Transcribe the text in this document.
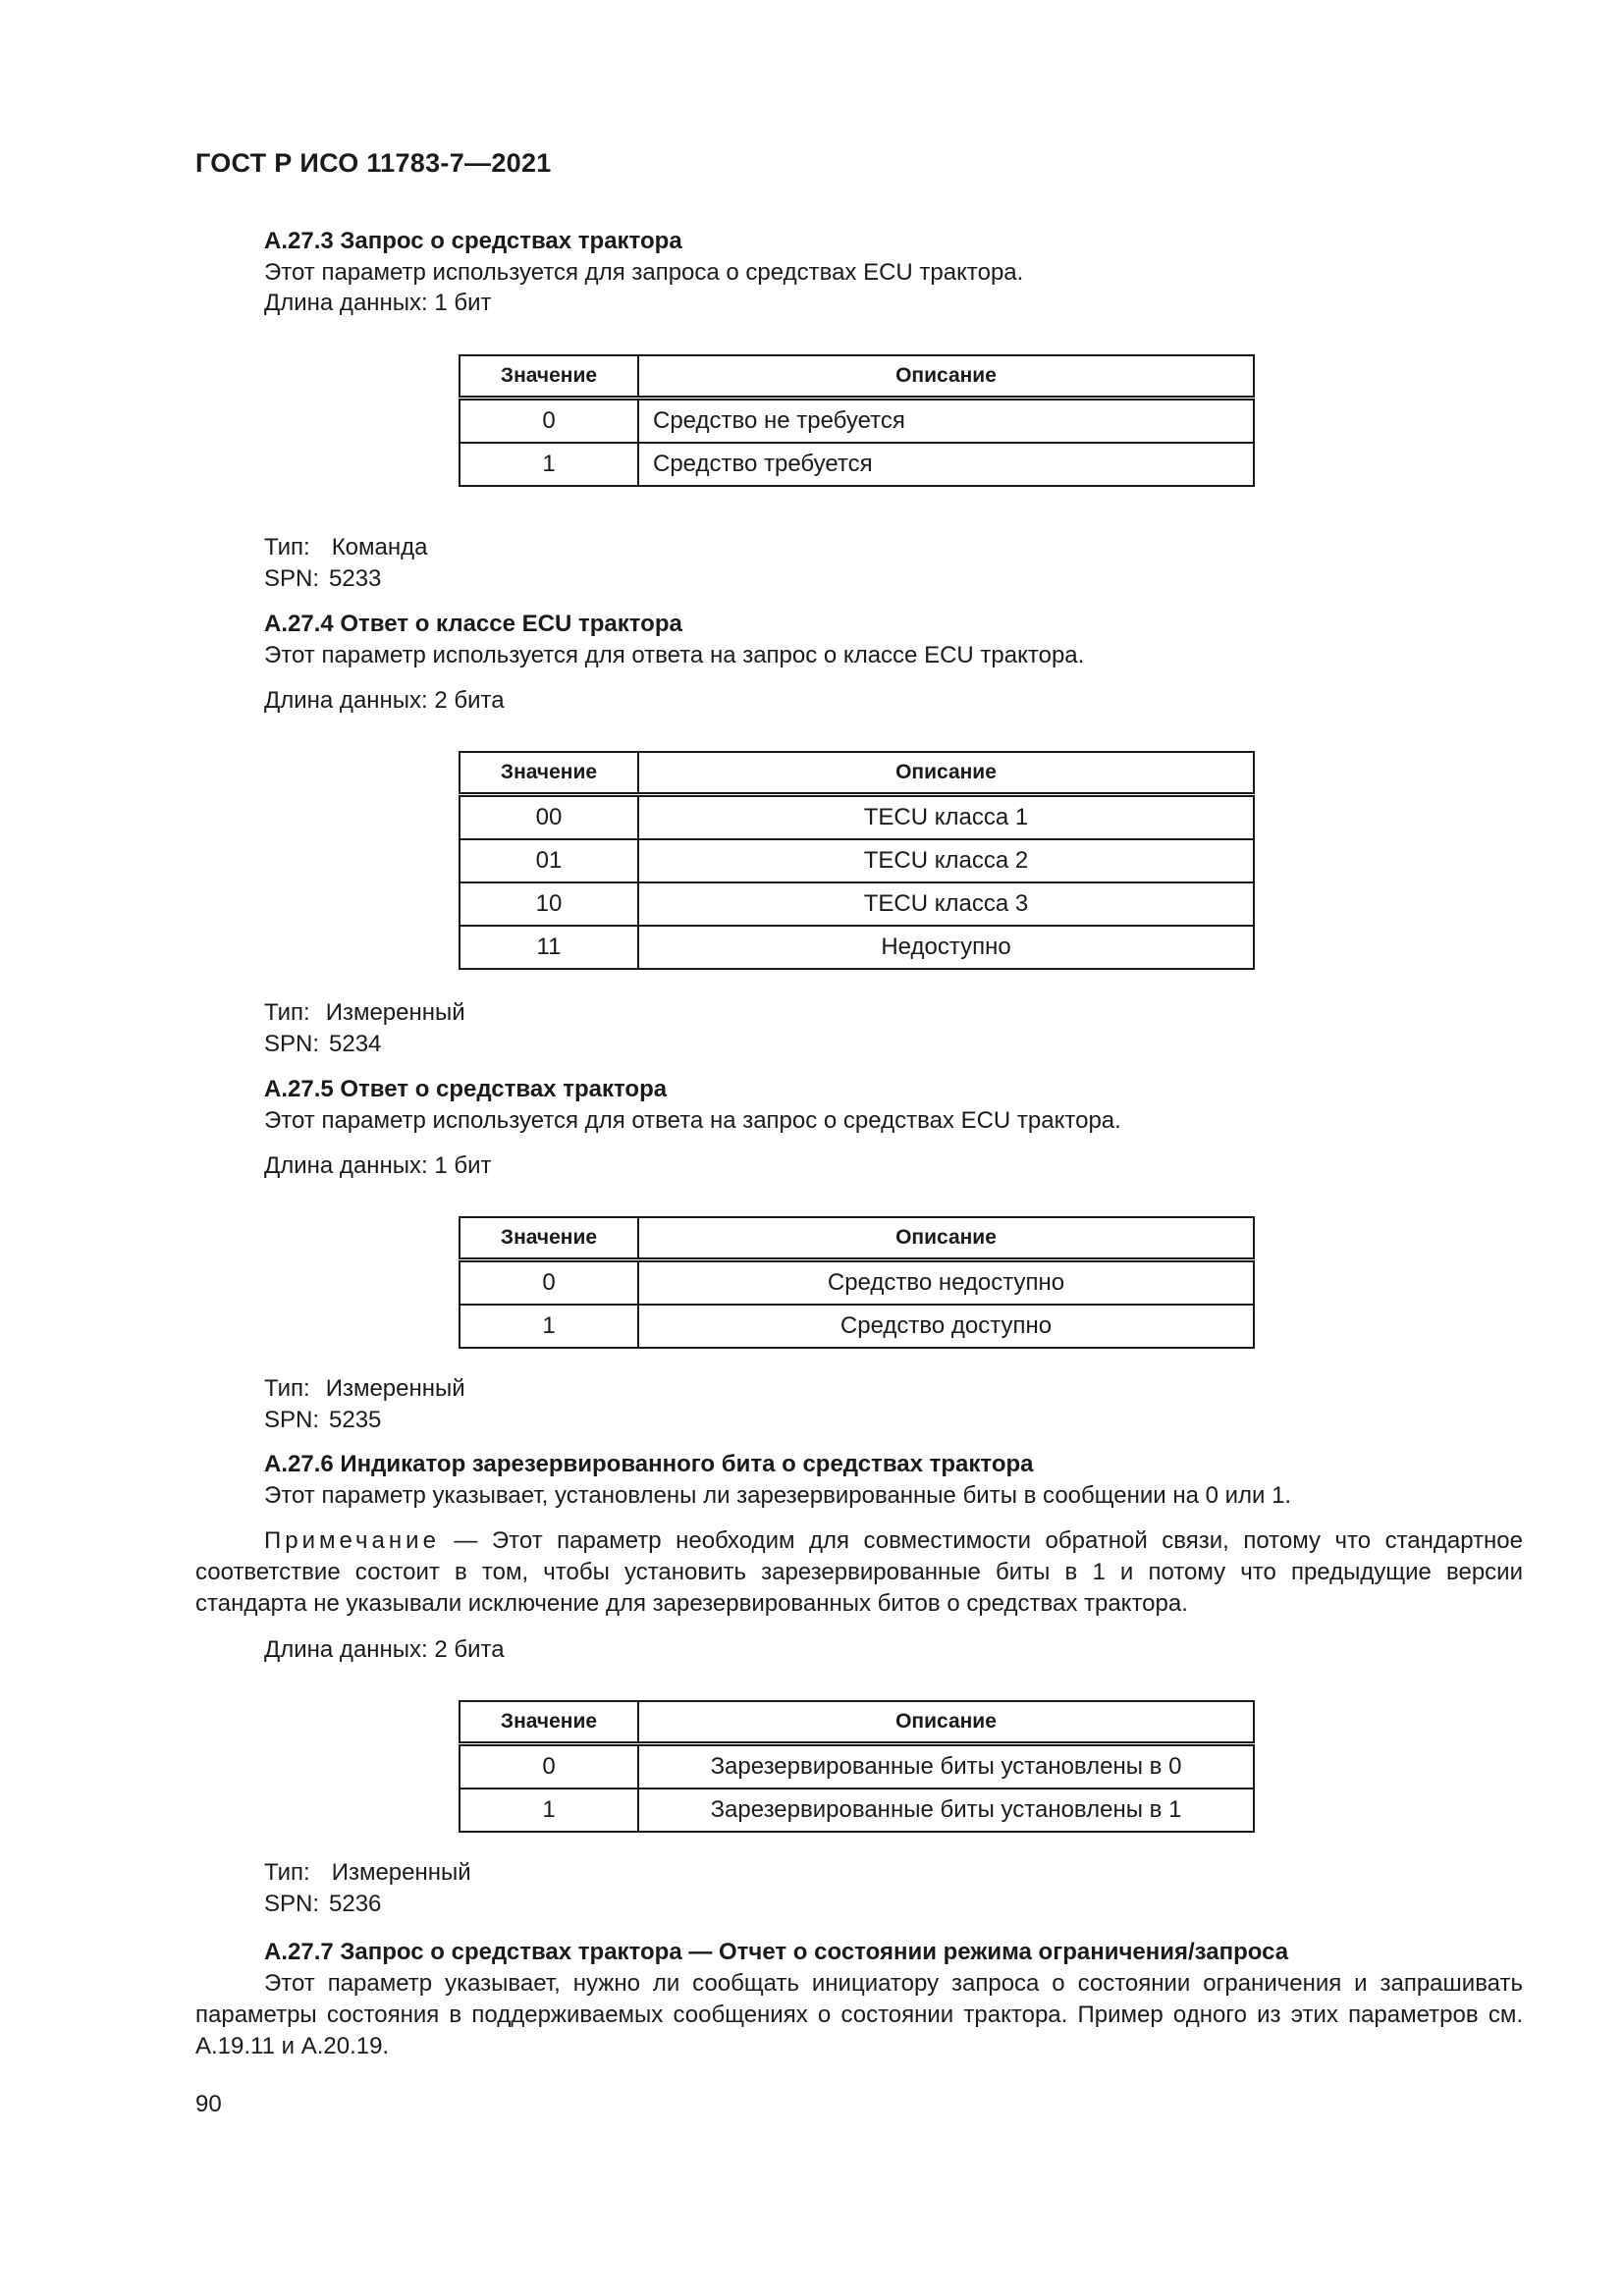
ГОСТ Р ИСО 11783-7—2021
А.27.3 Запрос о средствах трактора
Этот параметр используется для запроса о средствах ECU трактора.
Длина данных: 1 бит
Значение	Описание
0	Средство не требуется
1	Средство требуется
Тип: Команда
SPN: 5233
А.27.4 Ответ о классе ECU трактора
Этот параметр используется для ответа на запрос о классе ECU трактора.
Длина данных: 2 бита
Значение	Описание
00	TECU класса 1
01	TECU класса 2
10	TECU класса 3
11	Недоступно
Тип: Измеренный
SPN: 5234
А.27.5 Ответ о средствах трактора
Этот параметр используется для ответа на запрос о средствах ECU трактора.
Длина данных: 1 бит
Значение	Описание
0	Средство недоступно
1	Средство доступно
Тип: Измеренный
SPN: 5235
А.27.6 Индикатор зарезервированного бита о средствах трактора
Этот параметр указывает, установлены ли зарезервированные биты в сообщении на 0 или 1.
Примечание — Этот параметр необходим для совместимости обратной связи, потому что стандартное соответствие состоит в том, чтобы установить зарезервированные биты в 1 и потому что предыдущие версии стандарта не указывали исключение для зарезервированных битов о средствах трактора.
Длина данных: 2 бита
Значение	Описание
0	Зарезервированные биты установлены в 0
1	Зарезервированные биты установлены в 1
Тип: Измеренный
SPN: 5236
А.27.7 Запрос о средствах трактора — Отчет о состоянии режима ограничения/запроса
Этот параметр указывает, нужно ли сообщать инициатору запроса о состоянии ограничения и запрашивать параметры состояния в поддерживаемых сообщениях о состоянии трактора. Пример одного из этих параметров см. А.19.11 и А.20.19.
90
